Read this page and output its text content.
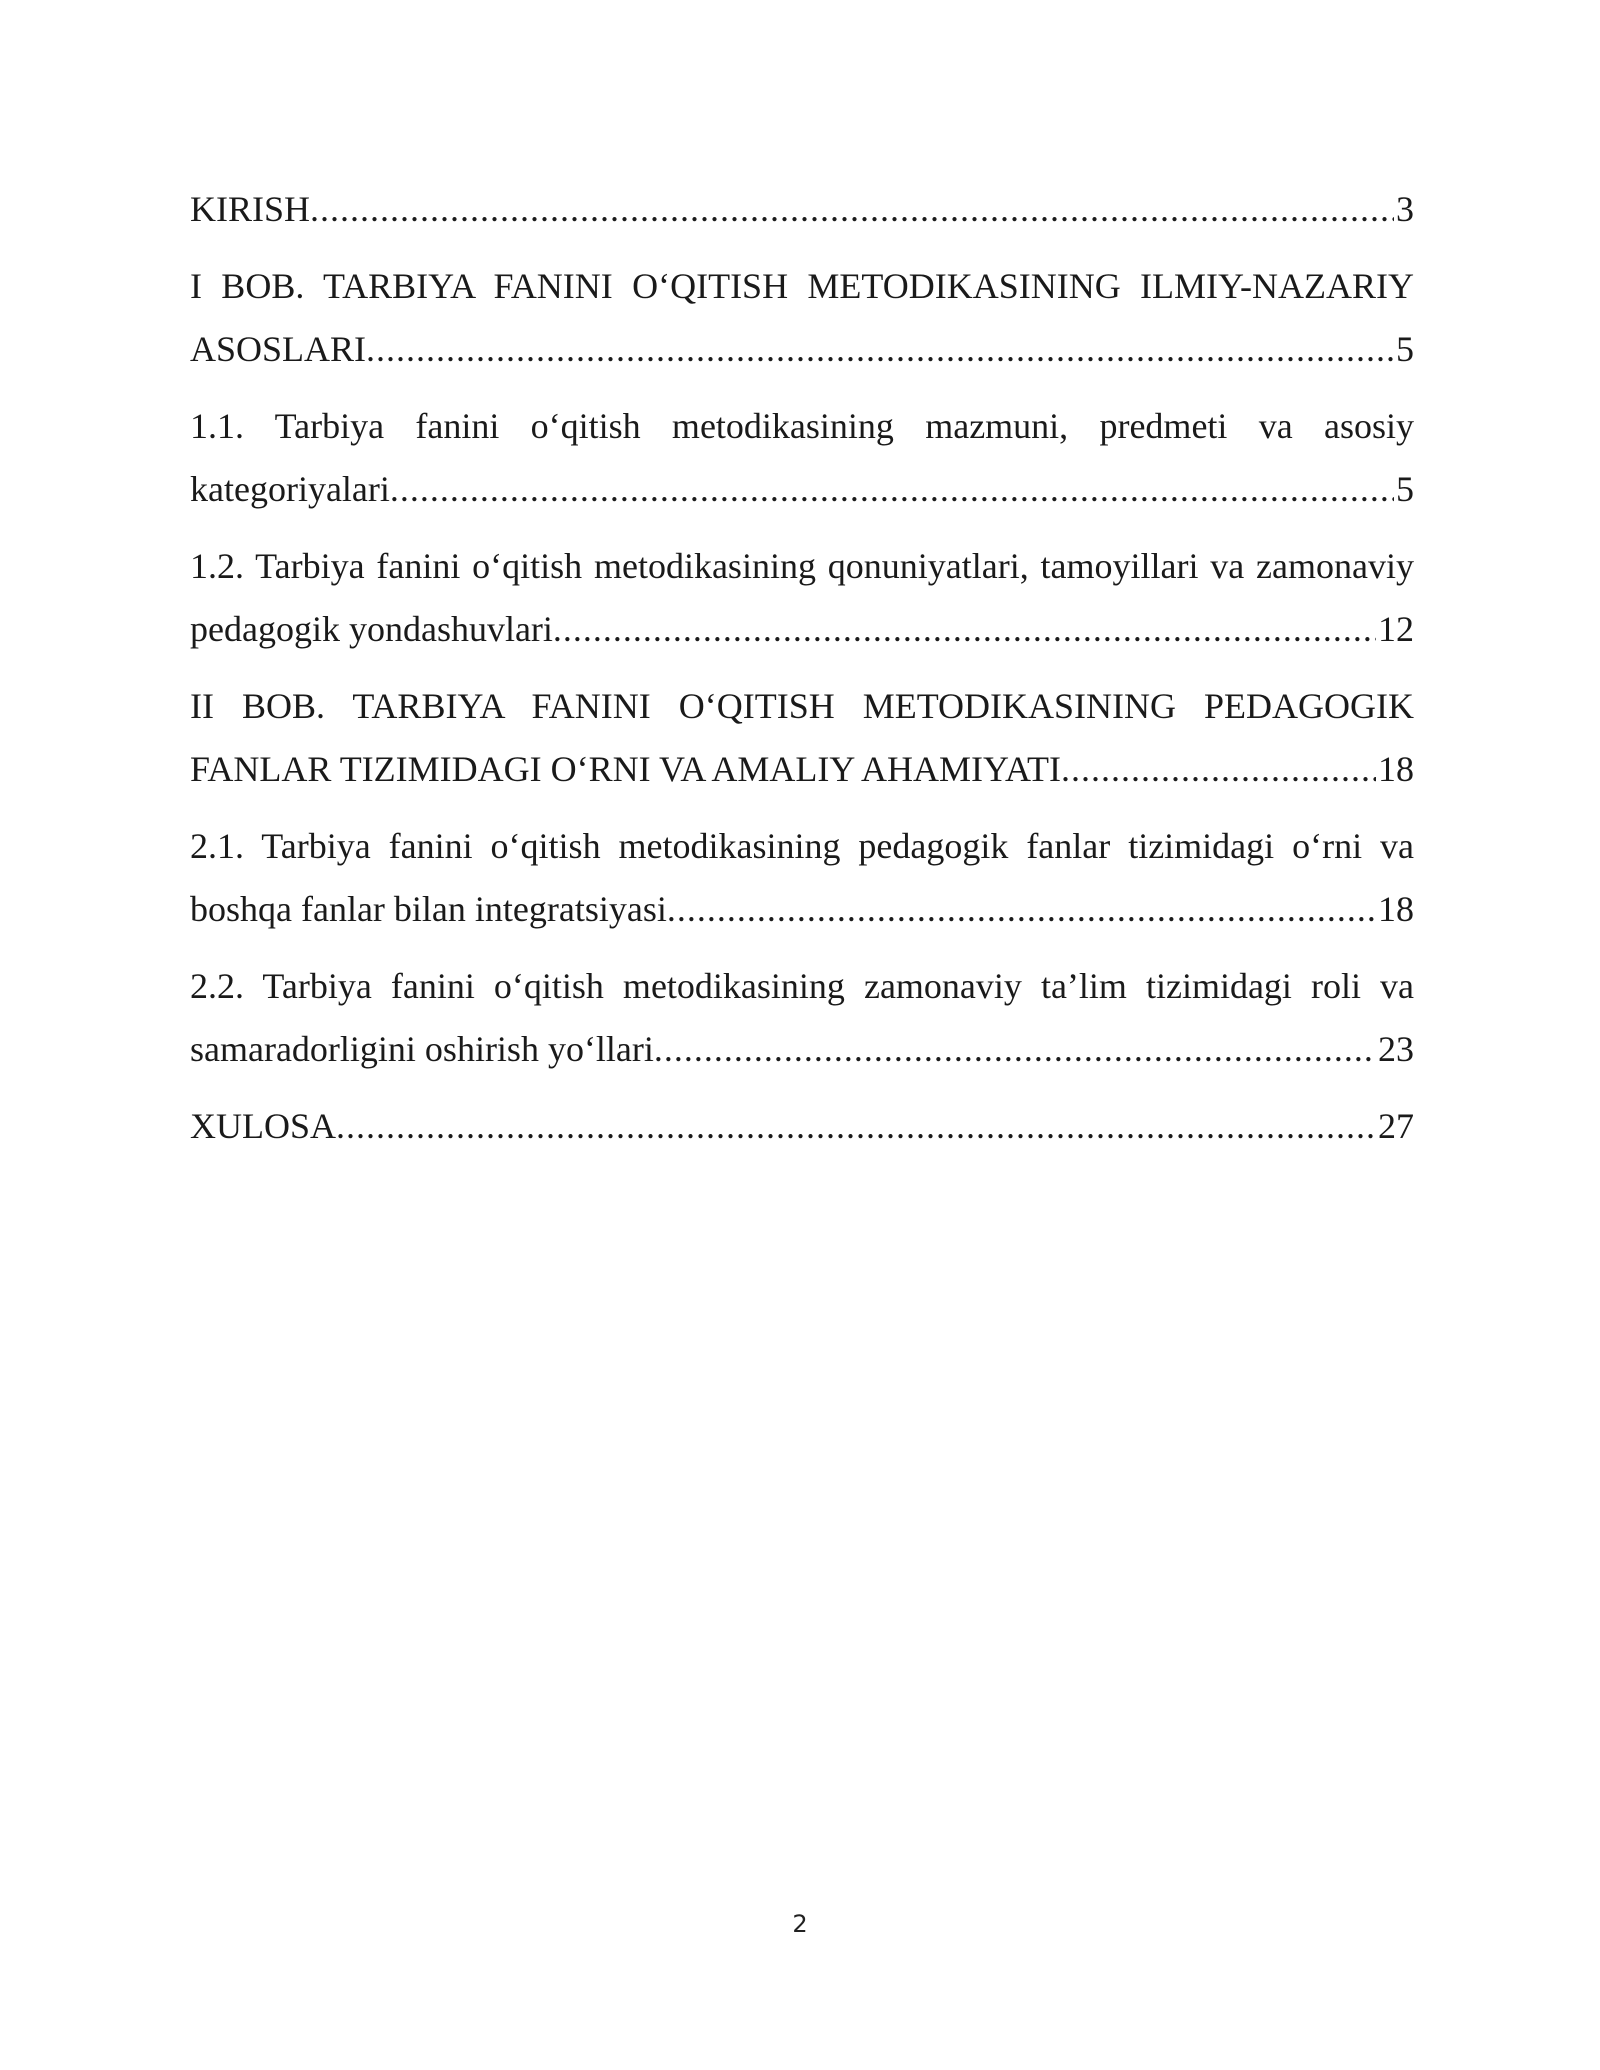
KIRISH .....	3
I BOB. TARBIYA FANINI O‘QITISH METODIKASINING ILMIY-NAZARIY
ASOSLARI .....	5
1.1. Tarbiya fanini o‘qitish metodikasining mazmuni, predmeti va asosiy
kategoriyalari .....	5
1.2. Tarbiya fanini o‘qitish metodikasining qonuniyatlari, tamoyillari va zamonaviy
pedagogik yondashuvlari .....	12
II BOB. TARBIYA FANINI O‘QITISH METODIKASINING PEDAGOGIK
FANLAR TIZIMIDAGI O‘RNI VA AMALIY AHAMIYATI .....	18
2.1. Tarbiya fanini o‘qitish metodikasining pedagogik fanlar tizimidagi o‘rni va
boshqa fanlar bilan integratsiyasi .....	18
2.2. Tarbiya fanini o‘qitish metodikasining zamonaviy ta’lim tizimidagi roli va
samaradorligini oshirish yo‘llari .....	23
XULOSA .....	27
2
